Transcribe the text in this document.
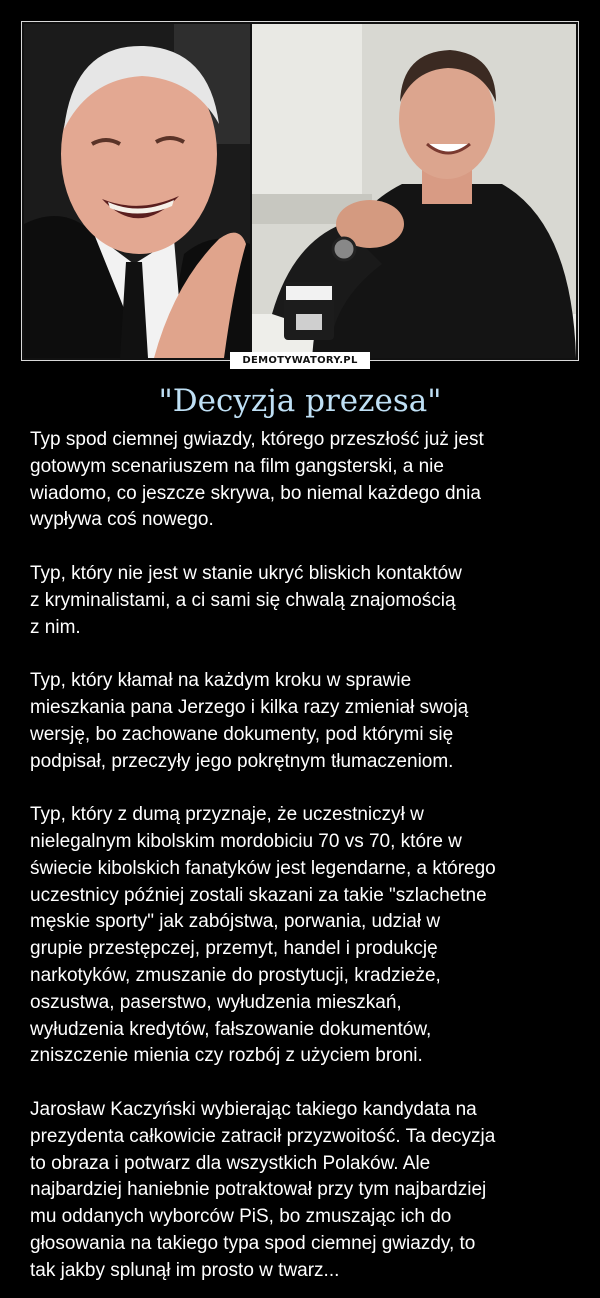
DEMOTYWATORY.PL
"Decyzja prezesa"

Typ spod ciemnej gwiazdy, którego przeszłość już jest
gotowym scenariuszem na film gangsterski, a nie
wiadomo, co jeszcze skrywa, bo niemal każdego dnia
wypływa coś nowego.

Typ, który nie jest w stanie ukryć bliskich kontaktów
z kryminalistami, a ci sami się chwalą znajomością
z nim.

Typ, który kłamał na każdym kroku w sprawie
mieszkania pana Jerzego i kilka razy zmieniał swoją
wersję, bo zachowane dokumenty, pod którymi się
podpisał, przeczyły jego pokrętnym tłumaczeniom.

Typ, który z dumą przyznaje, że uczestniczył w
nielegalnym kibolskim mordobiciu 70 vs 70, które w
świecie kibolskich fanatyków jest legendarne, a którego
uczestnicy później zostali skazani za takie "szlachetne
męskie sporty" jak zabójstwa, porwania, udział w
grupie przestępczej, przemyt, handel i produkcję
narkotyków, zmuszanie do prostytucji, kradzieże,
oszustwa, paserstwo, wyłudzenia mieszkań,
wyłudzenia kredytów, fałszowanie dokumentów,
zniszczenie mienia czy rozbój z użyciem broni.

Jarosław Kaczyński wybierając takiego kandydata na
prezydenta całkowicie zatracił przyzwoitość. Ta decyzja
to obraza i potwarz dla wszystkich Polaków. Ale
najbardziej haniebnie potraktował przy tym najbardziej
mu oddanych wyborców PiS, bo zmuszając ich do
głosowania na takiego typa spod ciemnej gwiazdy, to
tak jakby splunął im prosto w twarz...
